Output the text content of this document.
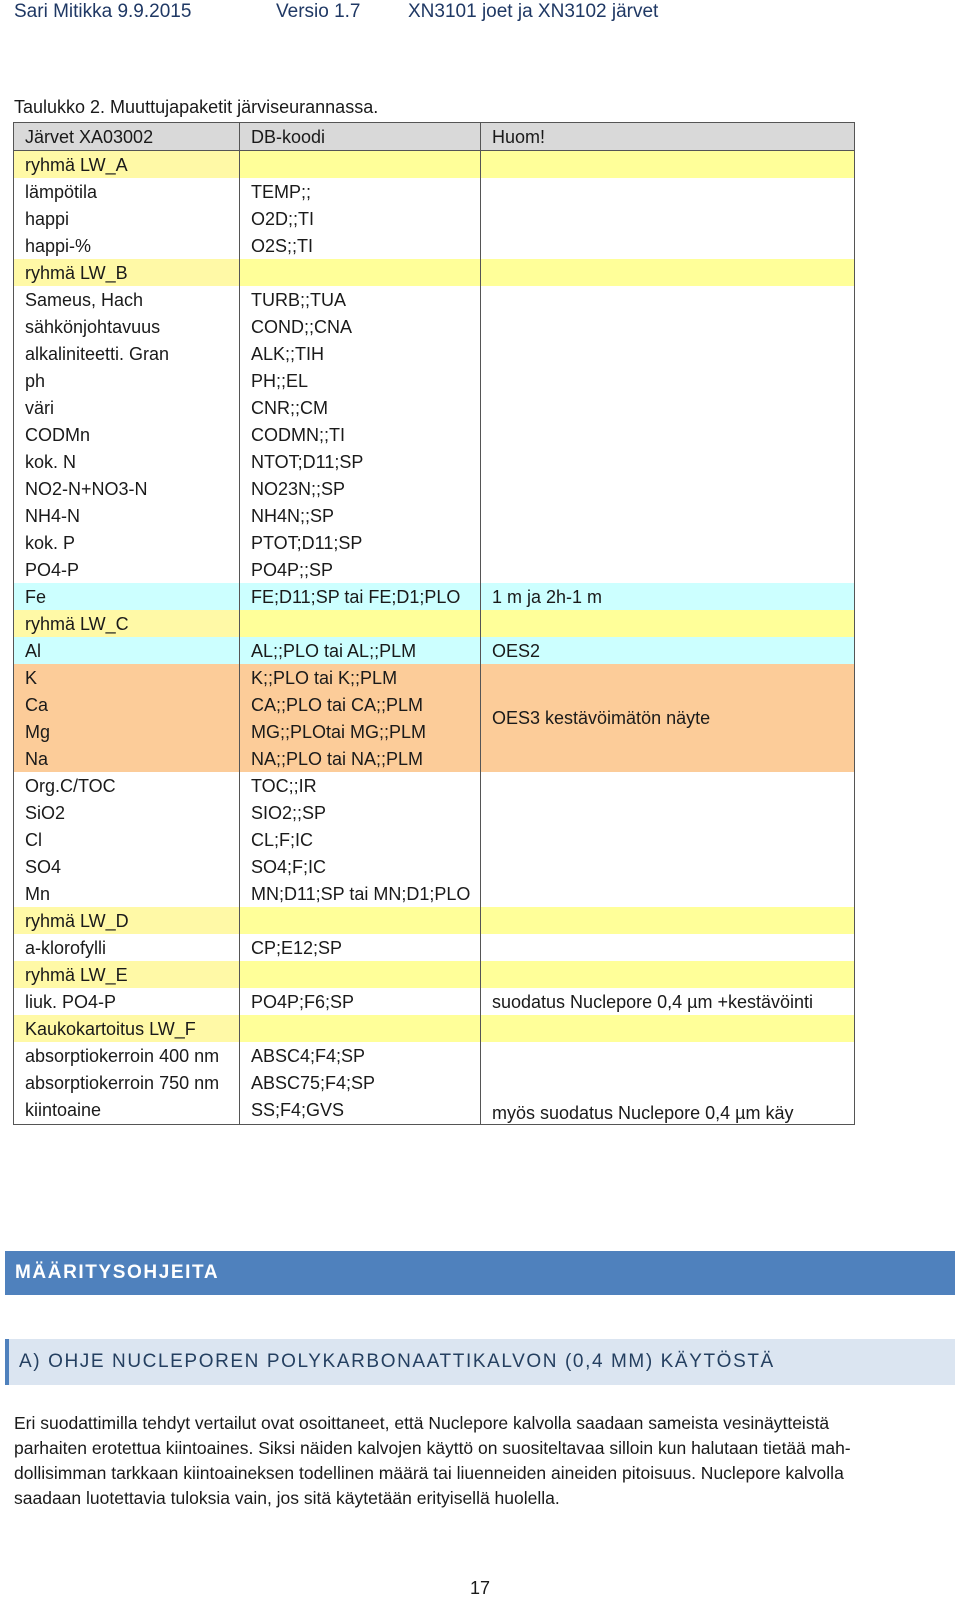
Sari Mitikka 9.9.2015	Versio 1.7	XN3101 joet ja XN3102 järvet
Taulukko 2. Muuttujapaketit järviseurannassa.
Järvet XA03002	DB-koodi	Huom!
ryhmä LW_A		
lämpötila	TEMP;;	
happi	O2D;;TI	
happi-%	O2S;;TI	
ryhmä LW_B		
Sameus, Hach	TURB;;TUA	
sähkönjohtavuus	COND;;CNA	
alkaliniteetti. Gran	ALK;;TIH	
ph	PH;;EL	
väri	CNR;;CM	
CODMn	CODMN;;TI	
kok. N	NTOT;D11;SP	
NO2-N+NO3-N	NO23N;;SP	
NH4-N	NH4N;;SP	
kok. P	PTOT;D11;SP	
PO4-P	PO4P;;SP	
Fe	FE;D11;SP tai FE;D1;PLO	1 m ja 2h-1 m
ryhmä LW_C		
Al	AL;;PLO tai AL;;PLM	OES2
K	K;;PLO tai K;;PLM	OES3 kestävöimätön näyte
Ca	CA;;PLO tai CA;;PLM	
Mg	MG;;PLOtai MG;;PLM	
Na	NA;;PLO tai NA;;PLM	
Org.C/TOC	TOC;;IR	
SiO2	SIO2;;SP	
Cl	CL;F;IC	
SO4	SO4;F;IC	
Mn	MN;D11;SP tai MN;D1;PLO	
ryhmä LW_D		
a-klorofylli	CP;E12;SP	
ryhmä LW_E		
liuk. PO4-P	PO4P;F6;SP	suodatus Nuclepore 0,4 µm +kestävöinti
Kaukokartoitus LW_F		
absorptiokerroin 400 nm	ABSC4;F4;SP	
absorptiokerroin 750 nm	ABSC75;F4;SP	
kiintoaine	SS;F4;GVS	myös suodatus Nuclepore 0,4 µm käy
MÄÄRITYSOHJEITA
A) OHJE NUCLEPOREN POLYKARBONAATTIKALVON (0,4 MM) KÄYTÖSTÄ
Eri suodattimilla tehdyt vertailut ovat osoittaneet, että Nuclepore kalvolla saadaan sameista vesinäytteistä
parhaiten erotettua kiintoaines. Siksi näiden kalvojen käyttö on suositeltavaa silloin kun halutaan tietää mah-
dollisimman tarkkaan kiintoaineksen todellinen määrä tai liuenneiden aineiden pitoisuus. Nuclepore kalvolla
saadaan luotettavia tuloksia vain, jos sitä käytetään erityisellä huolella.
17
